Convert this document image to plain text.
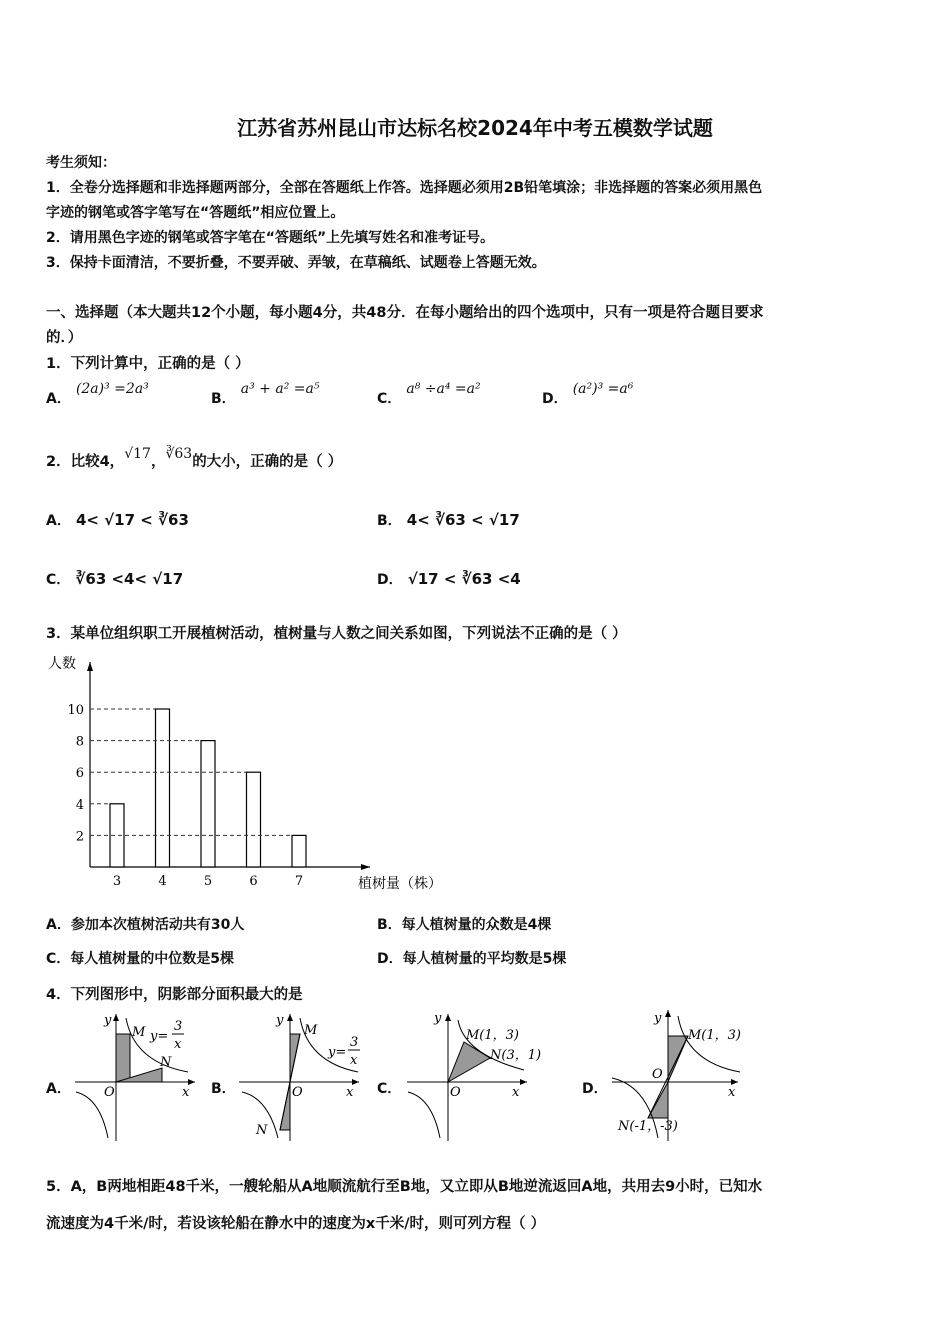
江苏省苏州昆山市达标名校2024年中考五模数学试题
考生须知：
1．全卷分选择题和非选择题两部分，全部在答题纸上作答。选择题必须用2B铅笔填涂；非选择题的答案必须用黑色
字迹的钢笔或答字笔写在“答题纸”相应位置上。
2．请用黑色字迹的钢笔或答字笔在“答题纸”上先填写姓名和准考证号。
3．保持卡面清洁，不要折叠，不要弄破、弄皱，在草稿纸、试题卷上答题无效。
一、选择题（本大题共12个小题，每小题4分，共48分．在每小题给出的四个选项中，只有一项是符合题目要求
的．）
1．下列计算中，正确的是（ ）
A． (2a)³ =2a³
B． a³ + a² =a⁵
C． a⁸ ÷a⁴ =a²
D． (a²)³ =a⁶
2．比较4，√17，∛63的大小，正确的是（ ）
A． 4< √17 < ∛63	B． 4< ∛63 < √17
C． ∛63 <4< √17	D． √17 < ∛63 <4
3．某单位组织职工开展植树活动，植树量与人数之间关系如图，下列说法不正确的是（ ）
2
4
6
8
10
3	4	5	6	7
人数
植树量（株）
A．参加本次植树活动共有30人	B．每人植树量的众数是4棵
C．每人植树量的中位数是5棵	D．每人植树量的平均数是5棵
4．下列图形中，阴影部分面积最大的是
A．	B．	C．	D．
x
y
O
M
N
y=
3
x
x
y
O
M
N
y=
3
x
x
y
O
M(1，3)
N(3，1)
x
y
O
M(1，3)
N(-1，-3)
5．A，B两地相距48千米，一艘轮船从A地顺流航行至B地，又立即从B地逆流返回A地，共用去9小时，已知水
流速度为4千米/时，若设该轮船在静水中的速度为x千米/时，则可列方程（ ）
